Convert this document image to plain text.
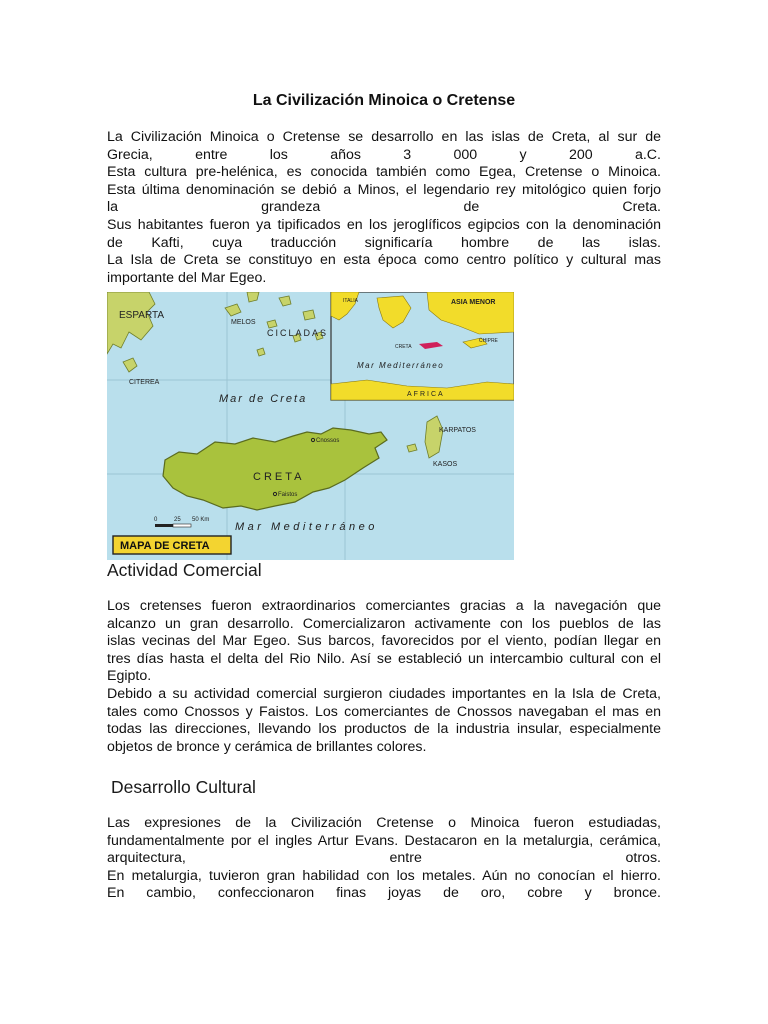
La Civilización Minoica o Cretense
La Civilización Minoica o Cretense se desarrollo en las islas de Creta, al sur de
Grecia, entre los años 3 000 y 200 a.C.
Esta cultura pre-helénica, es conocida también como Egea, Cretense o Minoica.
Esta última denominación se debió a Minos, el legendario rey mitológico quien forjo
la grandeza de Creta.
Sus habitantes fueron ya tipificados en los jeroglíficos egipcios con la denominación
de Kafti, cuya traducción significaría hombre de las islas.
La Isla de Creta se constituyo en esta época como centro político y cultural mas
importante del Mar Egeo.
ESPARTA
MELOS
CICLADAS
CITEREA
Mar de Creta
CRETA
Cnossos
Faistos
KARPATOS
KASOS
Mar Mediterráneo
0	25 50 Km
MAPA DE CRETA
ITALIA	ASIA MENOR
CRETA
CHIPRE
Mar Mediterráneo
AFRICA
Actividad Comercial
Los cretenses fueron extraordinarios comerciantes gracias a la navegación que
alcanzo un gran desarrollo. Comercializaron activamente con los pueblos de las
islas vecinas del Mar Egeo. Sus barcos, favorecidos por el viento, podían llegar en
tres días hasta el delta del Rio Nilo. Así se estableció un intercambio cultural con el
Egipto.
Debido a su actividad comercial surgieron ciudades importantes en la Isla de Creta,
tales como Cnossos y Faistos. Los comerciantes de Cnossos navegaban el mas en
todas las direcciones, llevando los productos de la industria insular, especialmente
objetos de bronce y cerámica de brillantes colores.
Desarrollo Cultural
Las expresiones de la Civilización Cretense o Minoica fueron estudiadas,
fundamentalmente por el ingles Artur Evans. Destacaron en la metalurgia, cerámica,
arquitectura, entre otros.
En metalurgia, tuvieron gran habilidad con los metales. Aún no conocían el hierro.
En cambio, confeccionaron finas joyas de oro, cobre y bronce.
